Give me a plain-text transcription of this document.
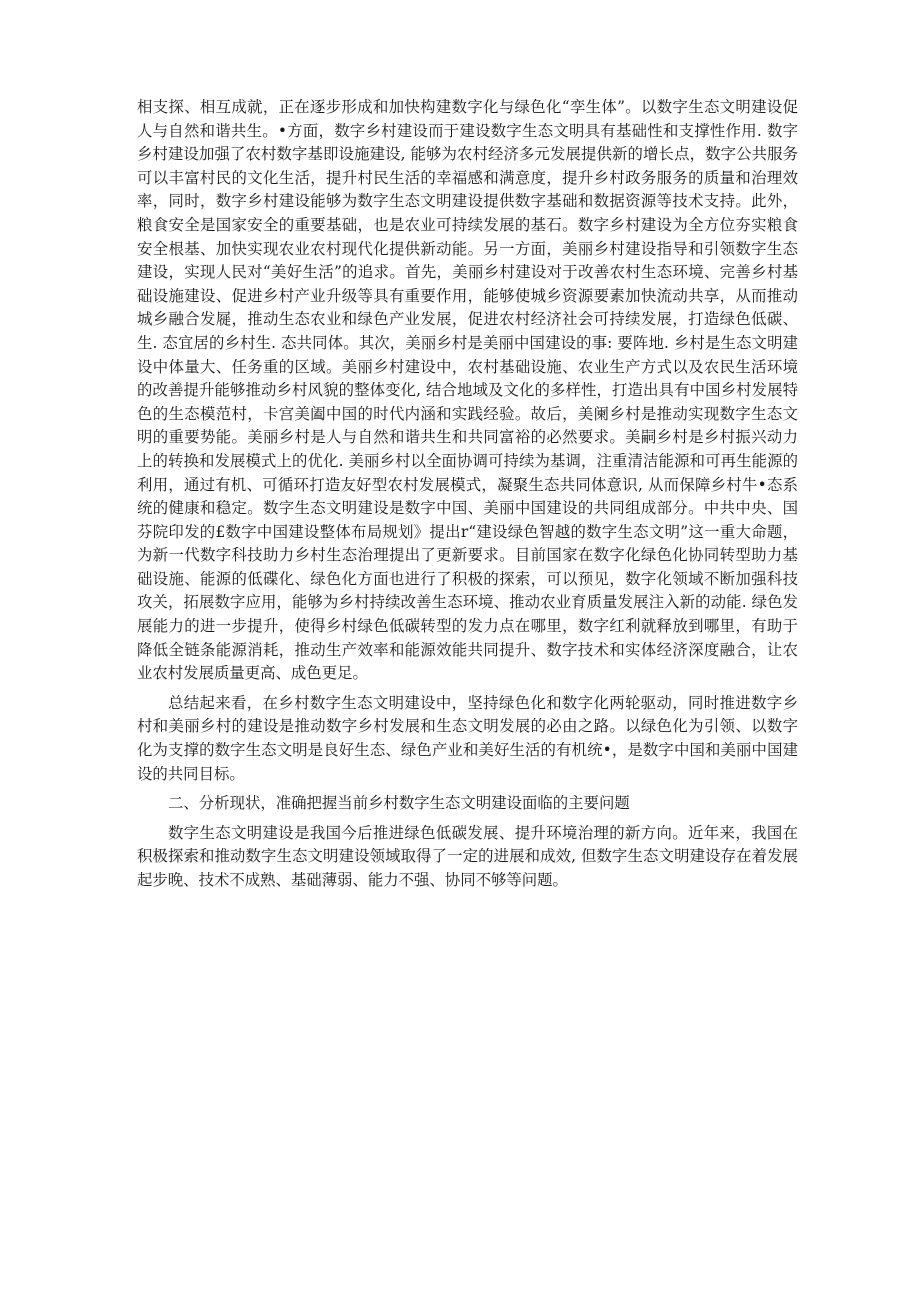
相支探、相互成就，正在逐步形成和加快构建数字化与绿色化“孪生体”。以数字生态文明建设促人与自然和谐共生。•方面，数字乡村建设而于建设数字生态文明具有基础性和支撑性作用. 数字乡村建设加强了农村数字基即设施建设, 能够为农村经济多元发展提供新的增长点，数字公共服务可以丰富村民的文化生活，提升村民生活的幸福感和满意度，提升乡村政务服务的质量和治理效率，同时，数字乡村建设能够为数字生态文明建设提供数字基础和数据资源等技术支持。此外，粮食安全是国家安全的重要基础，也是农业可持续发展的基石。数字乡村建设为全方位夯实粮食安全根基、加快实现农业农村现代化提供新动能。另一方面，美丽乡村建设指导和引领数字生态建设，实现人民对“美好生活”的追求。首先，美丽乡村建设对于改善农村生态环境、完善乡村基础设施建设、促进乡村产业升级等具有重要作用，能够使城乡资源要素加快流动共享，从而推动城乡融合发屣，推动生态农业和绿色产业发展，促进农村经济社会可持续发展，打造绿色低碳、生. 态宜居的乡村生. 态共同体。其次，美丽乡村是美丽中国建设的事: 要阵地. 乡村是生态文明建设中体量大、任务重的区域。美丽乡村建设中，农村基础设施、农业生产方式以及农民生活环境的改善提升能够推动乡村风貌的整体变化, 结合地域及文化的多样性，打造出具有中国乡村发展特色的生态模范村，卡宫美阖中国的时代内涵和实践经验。故后，美阑乡村是推动实现数字生态文明的重要势能。美丽乡村是人与自然和谐共生和共同富裕的必然要求。美嗣乡村是乡村振兴动力上的转换和发展模式上的优化. 美丽乡村以全面协调可持续为基调，注重清洁能源和可再生能源的利用，通过有机、可循环打造友好型农村发展模式，凝聚生态共同体意识, 从而保障乡村牛•态系统的健康和稳定。数字生态文明建设是数字中国、美丽中国建设的共同组成部分。中共中央、国芬院印发的£数字中国建设整体布局规划》提出r“建设绿色智越的数字生态文明”这一重大命题，为新一代数字科技助力乡村生态治理提出了更新要求。目前国家在数字化绿色化协同转型助力基础设施、能源的低碟化、绿色化方面也进行了积极的探索，可以预见，数字化领域不断加强科技攻关，拓展数字应用，能够为乡村持续改善生态环境、推动农业育质量发展注入新的动能. 绿色发展能力的进一步提升，使得乡村绿色低碳转型的发力点在哪里，数字红利就释放到哪里，有助于降低全链条能源消耗，推动生产效率和能源效能共同提升、数字技术和实体经济深度融合，让农业农村发展质量更高、成色更足。

总结起来看，在乡村数字生态文明建设中，坚持绿色化和数字化两轮驱动，同时推进数字乡村和美丽乡村的建设是推动数字乡村发展和生态文明发展的必由之路。以绿色化为引领、以数字化为支撑的数字生态文明是良好生态、绿色产业和美好生活的有机统•，是数字中国和美丽中国建设的共同目标。

二、分析现状，准确把握当前乡村数字生态文明建设面临的主要问题

数字生态文明建设是我国今后推进绿色低碳发展、提升环境治理的新方向。近年来，我国在积极探索和推动数字生态文明建设领域取得了一定的进展和成效, 但数字生态文明建设存在着发展起步晚、技术不成熟、基础薄弱、能力不强、协同不够等问题。
